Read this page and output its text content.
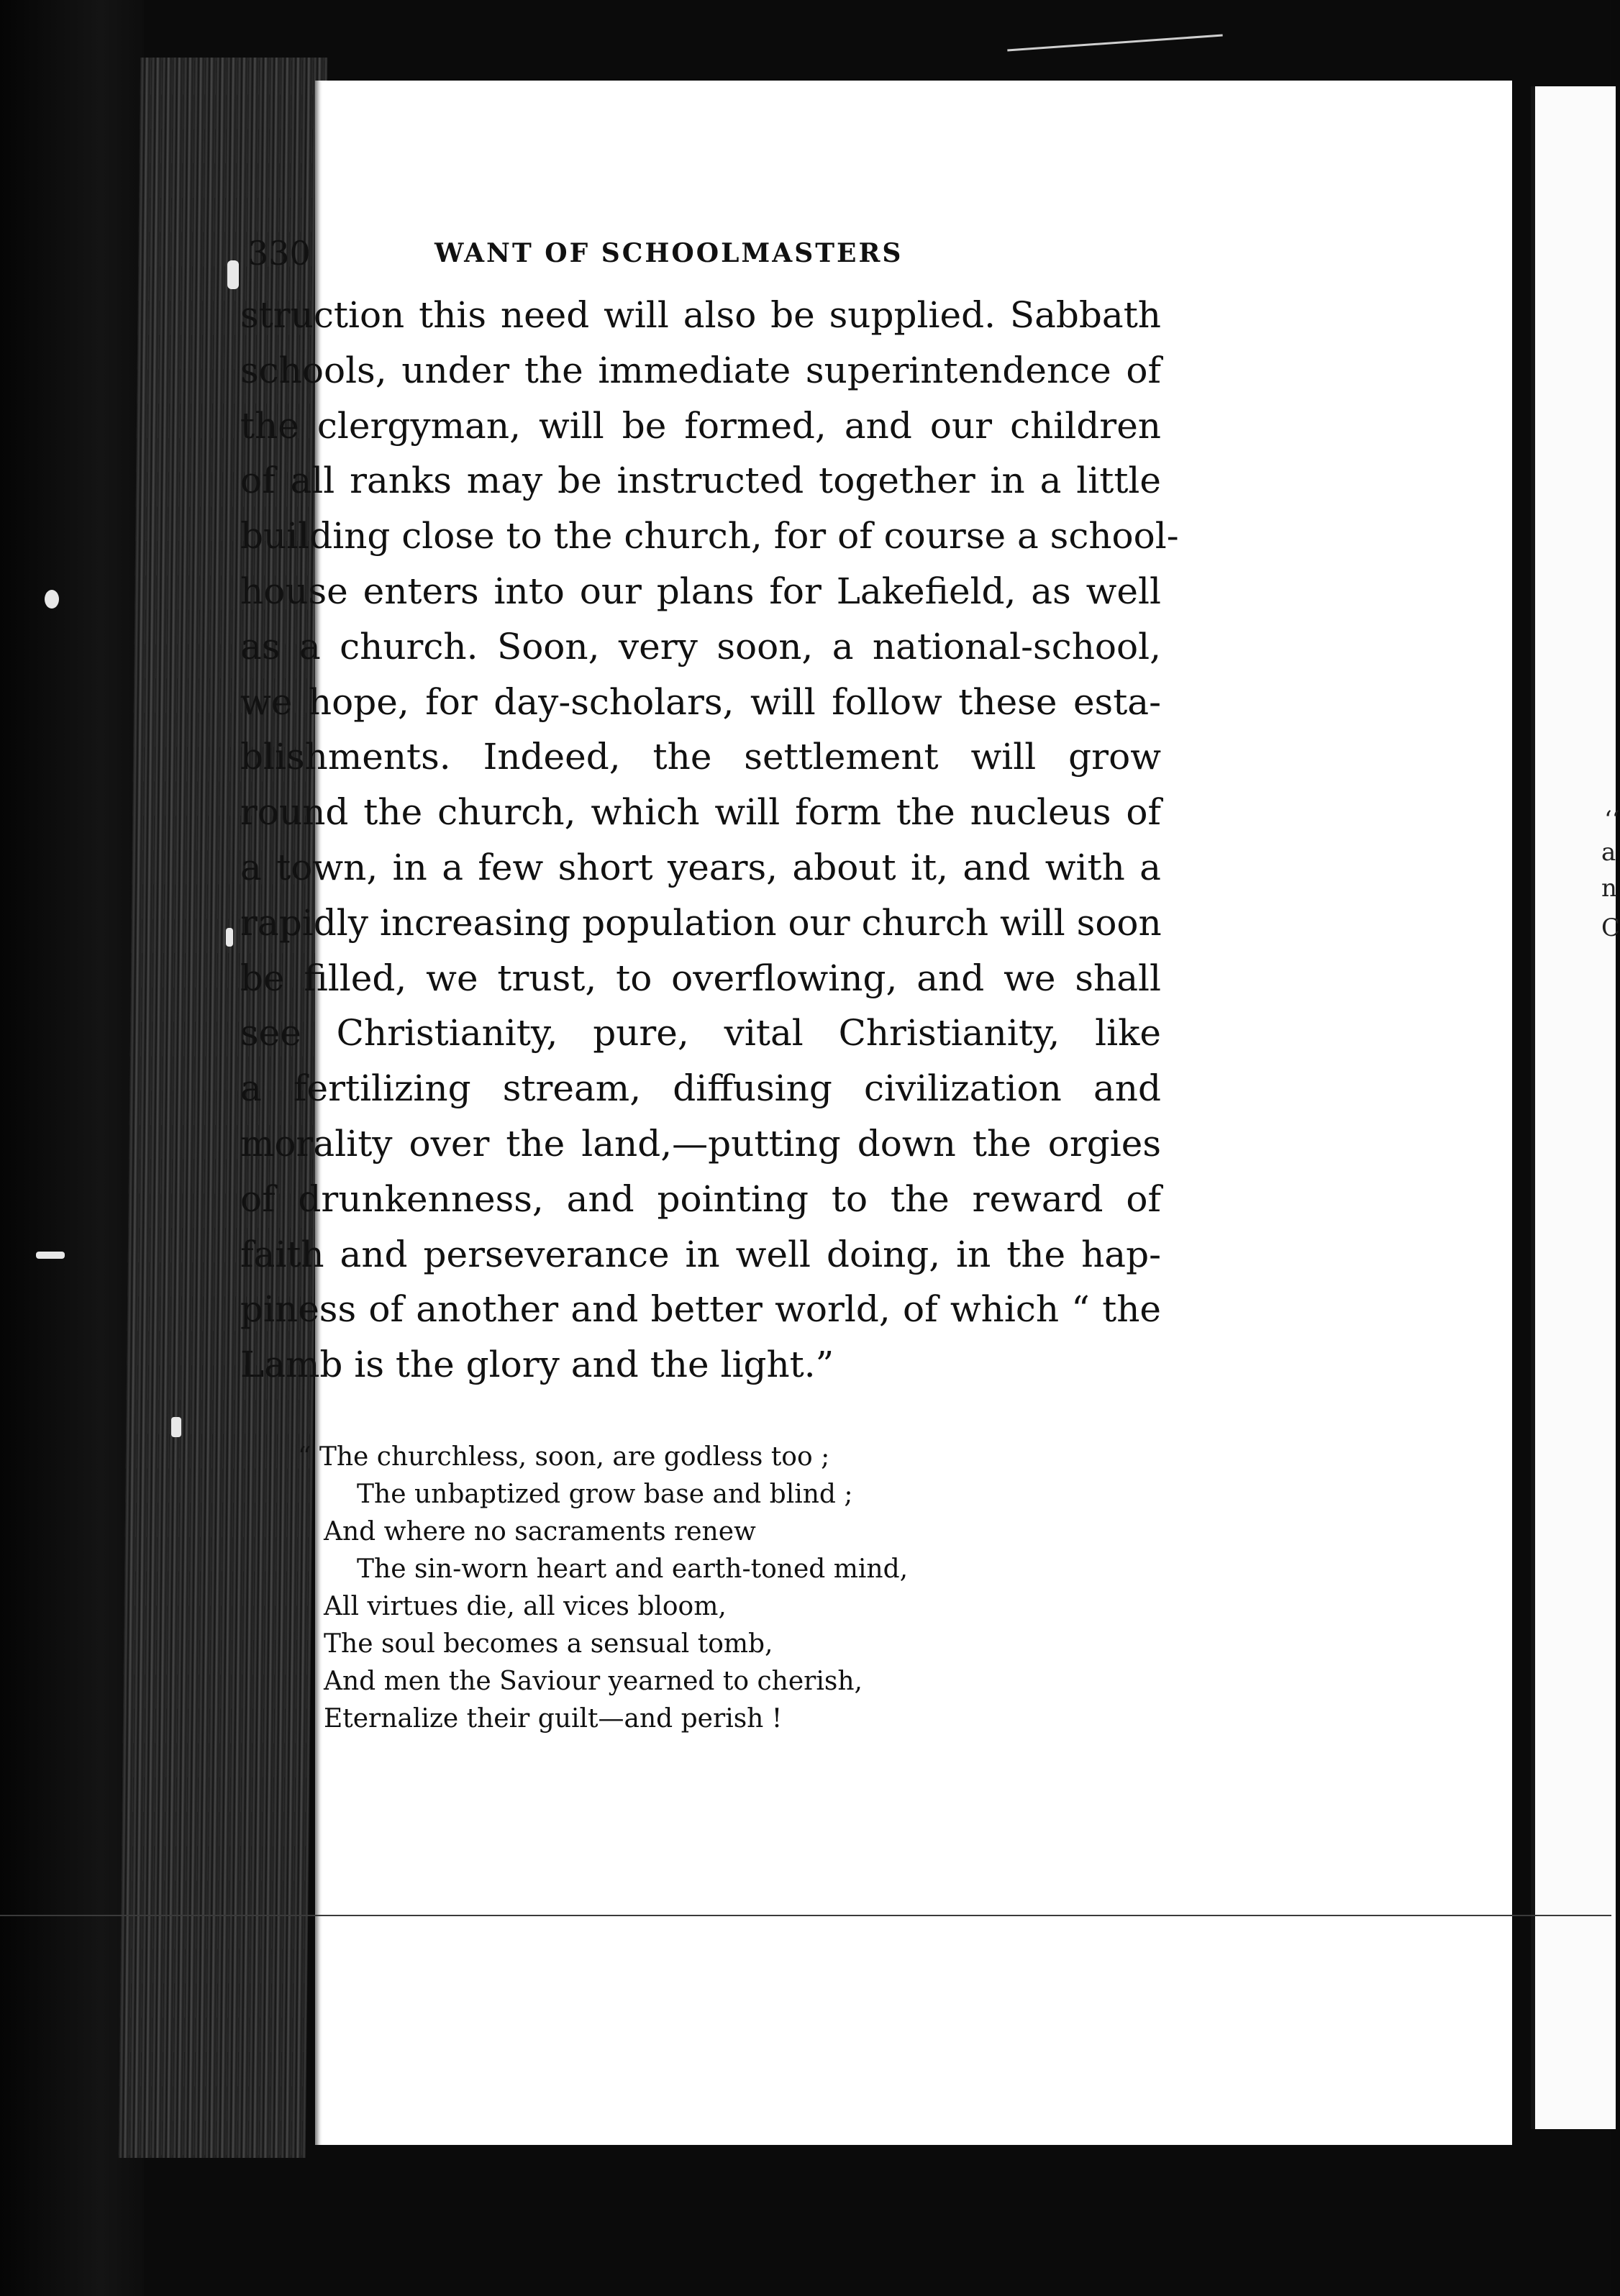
‘‘
a
n
C
330	WANT OF SCHOOLMASTERS
struction this need will also be supplied. Sabbath
schools, under the immediate superintendence of
the clergyman, will be formed, and our children
of all ranks may be instructed together in a little
building close to the church, for of course a school-
house enters into our plans for Lakefield, as well
as a church. Soon, very soon, a national-school,
we hope, for day-scholars, will follow these esta-
blishments. Indeed, the settlement will grow
round the church, which will form the nucleus of
a town, in a few short years, about it, and with a
rapidly increasing population our church will soon
be filled, we trust, to overflowing, and we shall
see Christianity, pure, vital Christianity, like
a fertilizing stream, diffusing civilization and
morality over the land,—putting down the orgies
of drunkenness, and pointing to the reward of
faith and perseverance in well doing, in the hap-
piness of another and better world, of which “ the
Lamb is the glory and the light.”
“ The churchless, soon, are godless too ;
The unbaptized grow base and blind ;
And where no sacraments renew
The sin-worn heart and earth-toned mind,
All virtues die, all vices bloom,
The soul becomes a sensual tomb,
And men the Saviour yearned to cherish,
Eternalize their guilt—and perish !
